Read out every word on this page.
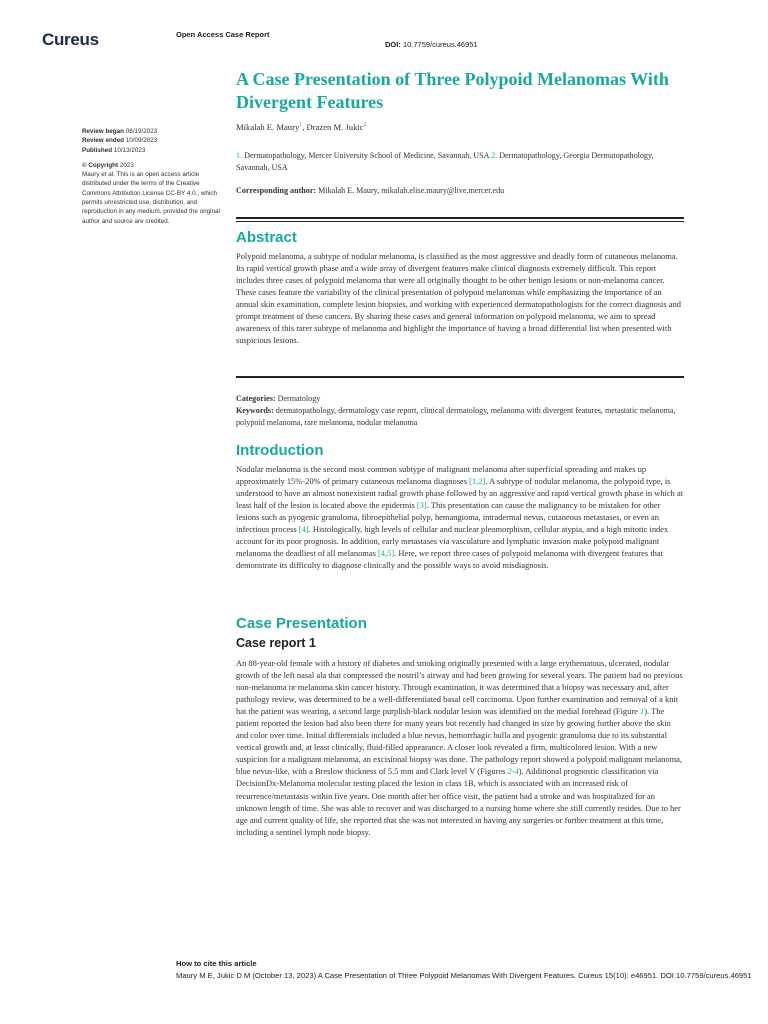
Cureus	Open Access Case Report
DOI: 10.7759/cureus.46951
A Case Presentation of Three Polypoid Melanomas With Divergent Features
Mikalah E. Maury$^1$, Drazen M. Jukic$^2$
1. Dermatopathology, Mercer University School of Medicine, Savannah, USA 2. Dermatopathology, Georgia Dermatopathology, Savannah, USA
Corresponding author: Mikalah E. Maury, mikalah.elise.maury@live.mercer.edu
Review began 08/19/2023
Review ended 10/09/2023
Published 10/13/2023
© Copyright 2023
Maury et al. This is an open access article distributed under the terms of the Creative Commons Attribution License CC-BY 4.0., which permits unrestricted use, distribution, and reproduction in any medium, provided the original author and source are credited.
Abstract

Polypoid melanoma, a subtype of nodular melanoma, is classified as the most aggressive and deadly form of cutaneous melanoma. Its rapid vertical growth phase and a wide array of divergent features make clinical diagnosis extremely difficult. This report includes three cases of polypoid melanoma that were all originally thought to be other benign lesions or non-melanoma cancer. These cases feature the variability of the clinical presentation of polypoid melanomas while emphasizing the importance of an annual skin examination, complete lesion biopsies, and working with experienced dermatopathologists for the correct diagnosis and prompt treatment of these cancers. By sharing these cases and general information on polypoid melanoma, we aim to spread awareness of this rarer subtype of melanoma and highlight the importance of having a broad differential list when presented with suspicious lesions.

Categories: Dermatology
Keywords: dermatopathology, dermatology case report, clinical dermatology, melanoma with divergent features, metastatic melanoma, polypoid melanoma, rare melanoma, nodular melanoma
Introduction

Nodular melanoma is the second most common subtype of malignant melanoma after superficial spreading and makes up approximately 15%-20% of primary cutaneous melanoma diagnoses [1,2]. A subtype of nodular melanoma, the polypoid type, is understood to have an almost nonexistent radial growth phase followed by an aggressive and rapid vertical growth phase in which at least half of the lesion is located above the epidermis [3]. This presentation can cause the malignancy to be mistaken for other lesions such as pyogenic granuloma, fibroepithelial polyp, hemangioma, intradermal nevus, cutaneous metastases, or even an infectious process [4]. Histologically, high levels of cellular and nuclear pleomorphism, cellular atypia, and a high mitotic index account for its poor prognosis. In addition, early metastases via vasculature and lymphatic invasion make polypoid malignant melanoma the deadliest of all melanomas [4,5]. Here, we report three cases of polypoid melanoma with divergent features that demonstrate its difficulty to diagnose clinically and the possible ways to avoid misdiagnosis.

Case Presentation
Case report 1

An 88-year-old female with a history of diabetes and smoking originally presented with a large erythematous, ulcerated, nodular growth of the left nasal ala that compressed the nostril’s airway and had been growing for several years. The patient had no previous non-melanoma or melanoma skin cancer history. Through examination, it was determined that a biopsy was necessary and, after pathology review, was determined to be a well-differentiated basal cell carcinoma. Upon further examination and removal of a knit hat the patient was wearing, a second large purplish-black nodular lesion was identified on the medial forehead (Figure 1). The patient reported the lesion had also been there for many years but recently had changed in size by growing further above the skin and color over time. Initial differentials included a blue nevus, hemorrhagic bulla and pyogenic granuloma due to its substantial vertical growth and, at least clinically, fluid-filled appearance. A closer look revealed a firm, multicolored lesion. With a new suspicion for a malignant melanoma, an excisional biopsy was done. The pathology report showed a polypoid malignant melanoma, blue nevus-like, with a Breslow thickness of 5.5 mm and Clark level V (Figures 2-4). Additional prognostic classification via DecisionDx-Melanoma molecular testing placed the lesion in class 1B, which is associated with an increased risk of recurrence/metastasis within five years. One month after her office visit, the patient had a stroke and was hospitalized for an unknown length of time. She was able to recover and was discharged to a nursing home where she still currently resides. Due to her age and current quality of life, she reported that she was not interested in having any surgeries or further treatment at this time, including a sentinel lymph node biopsy.

How to cite this article
Maury M E, Jukic D M (October 13, 2023) A Case Presentation of Three Polypoid Melanomas With Divergent Features. Cureus 15(10): e46951. DOI 10.7759/cureus.46951
